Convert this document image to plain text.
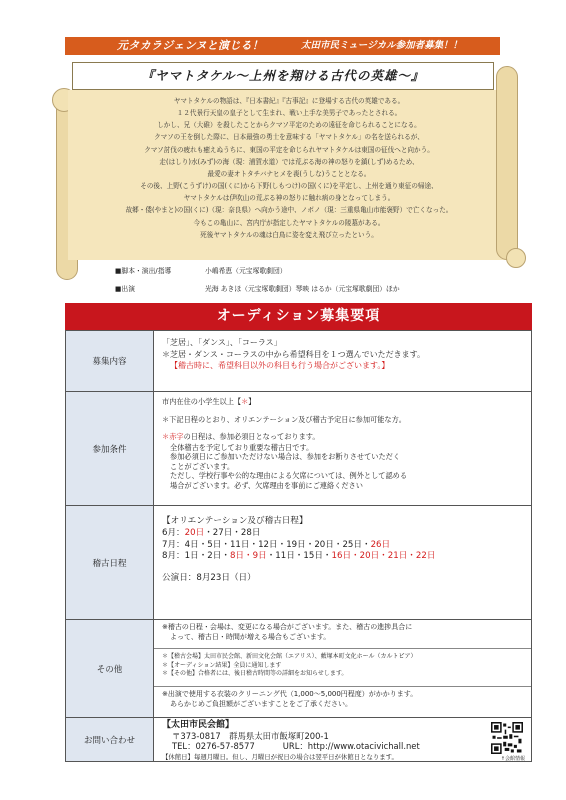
元タカラジェンヌと演じる！	太田市民ミュージカル参加者募集！！
『ヤマトタケル～上州を翔ける古代の英雄～』
ヤマトタケルの物語は、『日本書紀』『古事記』に登場する古代の英雄である。
１２代景行天皇の皇子として生まれ、戦い上手な美男子であったとされる。
しかし、兄（大碓）を殺したことからクマソ平定のための遠征を命じられることになる。
クマソの王を倒した際に、日本最強の勇士を意味する「ヤマトタケル」の名を送られるが、
クマソ討伐の疲れも癒えぬうちに、東国の平定を命じられヤマトタケルは東国の征伐へと向かう。
走(はしり)水(みず)の海（現：浦賀水道）では荒ぶる海の神の怒りを鎮(しず)めるため、
最愛の妻オトタチバナヒメを喪(うしな)うこととなる。
その後、上野(こうずけ)の国(くに)から下野(しもつけ)の国(くに)を平定し、上州を通り東征の帰途、
ヤマトタケルは伊吹山の荒ぶる神の怒りに触れ病の身となってしまう。
故郷・倭(やまと)の国(くに)（現：奈良県）へ向かう途中、ノボノ（現：三重県亀山市能褒野）で亡くなった。
今もこの亀山に、宮内庁が指定したヤマトタケルの陵墓がある。
死後ヤマトタケルの魂は白鳥に姿を変え飛び立ったという。
■脚本・演出/指導	小嶋希恵（元宝塚歌劇団）
■出演	光海 あきほ（元宝塚歌劇団）琴映 はるか（元宝塚歌劇団）ほか
オーディション募集要項
募集内容
「芝居」、「ダンス」、「コーラス」
＊芝居・ダンス・コーラスの中から希望科目を１つ選んでいただきます。
【稽古時に、希望科目以外の科目も行う場合がございます。】
参加条件
市内在住の小学生以上【＊】
＊下記日程のとおり、オリエンテーション及び稽古予定日に参加可能な方。
＊赤字の日程は、参加必須日となっております。
全体稽古を予定しており重要な稽古日です。
参加必須日にご参加いただけない場合は、参加をお断りさせていただく
ことがございます。
ただし、学校行事や公的な理由による欠席については、例外として認める
場合がございます。必ず、欠席理由を事前にご連絡ください
稽古日程
【オリエンテーション及び稽古日程】
6月：20日・27日・28日
7月：4日・5日・11日・12日・19日・20日・25日・26日
8月：1日・2日・8日・9日・11日・15日・16日・20日・21日・22日
公演日：8月23日（日）
その他
※稽古の日程・会場は、変更になる場合がございます。また、稽古の進捗具合に
よって、稽古日・時間が増える場合もございます。
＊【稽古会場】太田市民会館、新田文化会館（エアリス）、藪塚本町文化ホール（カルトピア）
＊【オーディション結果】全員に通知します
＊【その他】合格者には、後日稽古時間等の詳細をお知らせします。
※出演で使用する衣装のクリーニング代（1,000～5,000円程度）がかかります。
あらかじめご負担額がございますことをご了承ください。
お問い合わせ
【太田市民会館】
〒373-0817　群馬県太田市飯塚町200-1
TEL：0276-57-8577	URL：http://www.otacivichall.net
【休館日】毎週月曜日。但し、月曜日が祝日の場合は翌平日が休館日となります。	↑会館情報
